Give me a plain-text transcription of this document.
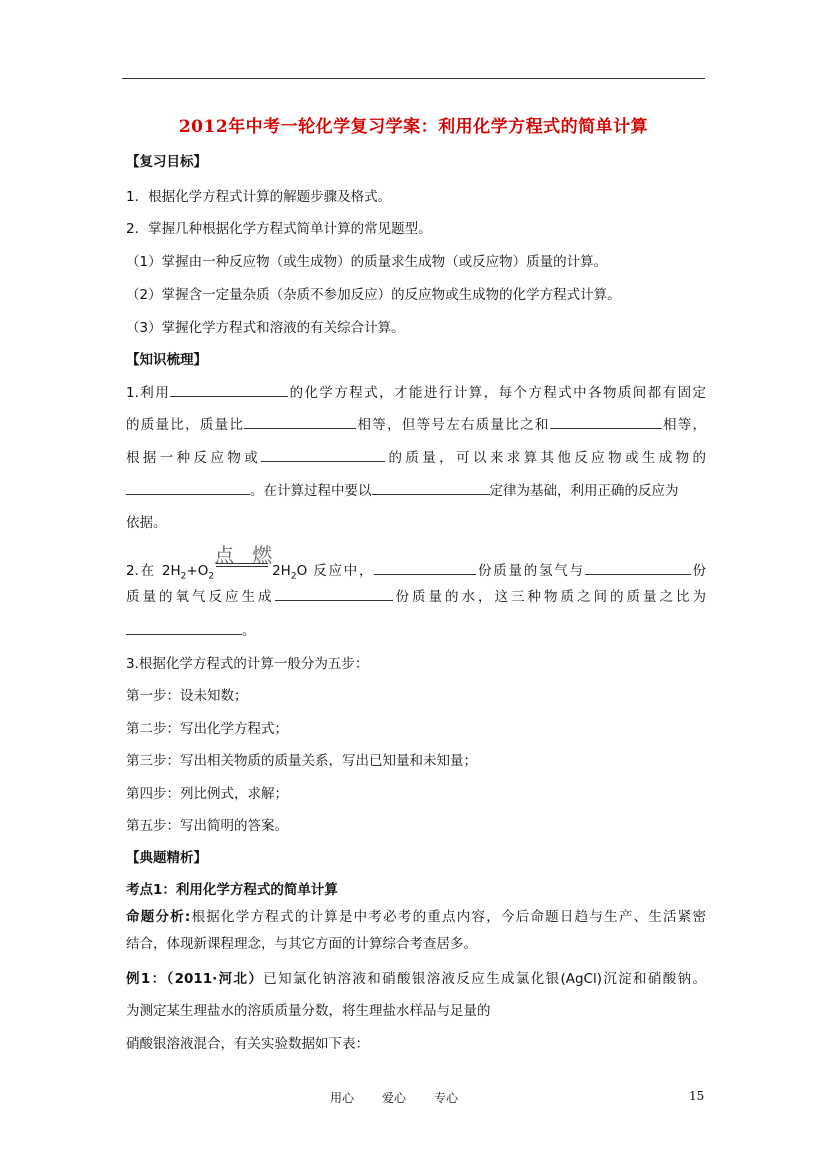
2012年中考一轮化学复习学案：利用化学方程式的简单计算
【复习目标】
1．根据化学方程式计算的解题步骤及格式。
2．掌握几种根据化学方程式简单计算的常见题型。
（1）掌握由一种反应物（或生成物）的质量求生成物（或反应物）质量的计算。
（2）掌握含一定量杂质（杂质不参加反应）的反应物或生成物的化学方程式计算。
（3）掌握化学方程式和溶液的有关综合计算。
【知识梳理】
1.利用	的化学方程式，才能进行计算，每个方程式中各物质间都有固定
的质量比，质量比	相等，但等号左右质量比之和	相等，
根据一种反应物或	的质量，可以来求算其他反应物或生成物的
。在计算过程中要以	定律为基础，利用正确的反应为
依据。
2.在 $2H_2+O_2$
点燃
$2H_2O$ 反应中，	份质量的氢气与	份
质量的氧气反应生成	份质量的水，这三种物质之间的质量之比为
。
3.根据化学方程式的计算一般分为五步：
第一步：设未知数；
第二步：写出化学方程式；
第三步：写出相关物质的质量关系，写出已知量和未知量；
第四步：列比例式，求解；
第五步：写出简明的答案。
【典题精析】
考点1：利用化学方程式的简单计算
命题分析:根据化学方程式的计算是中考必考的重点内容，今后命题日趋与生产、生活紧密
结合，体现新课程理念，与其它方面的计算综合考查居多。
例1：（2011·河北）已知氯化钠溶液和硝酸银溶液反应生成氯化银(AgCl)沉淀和硝酸钠。
为测定某生理盐水的溶质质量分数，将生理盐水样品与足量的
硝酸银溶液混合，有关实验数据如下表：
用心 爱心 专心	15
